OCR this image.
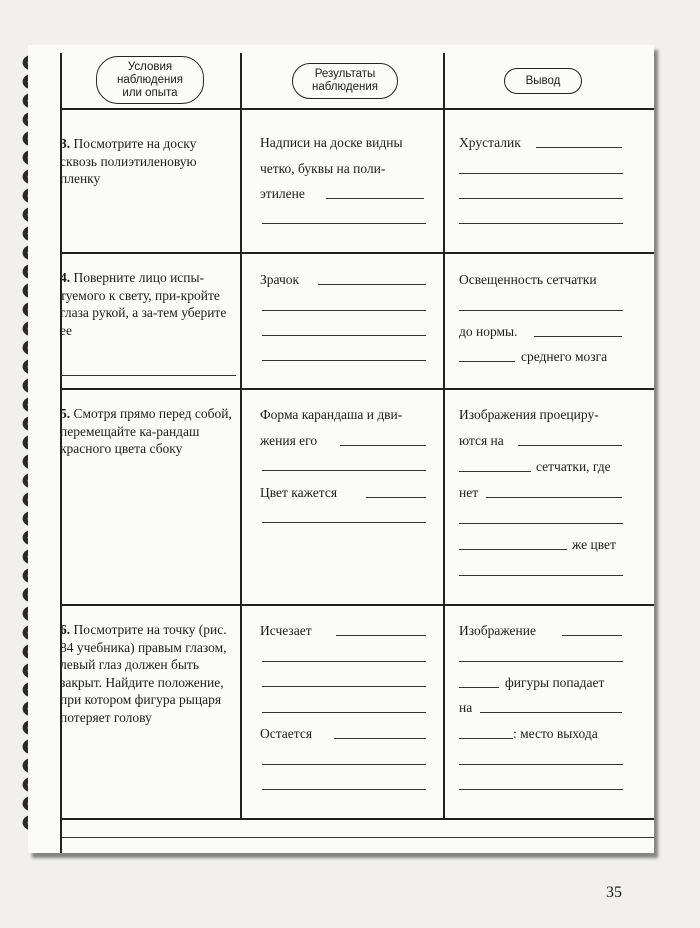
Условия
наблюдения
или опыта
Результаты
наблюдения
Вывод
3. Посмотрите на доску сквозь полиэтиленовую пленку
Надписи на доске видны
четко, буквы на поли-
этилене
Хрусталик
4. Поверните лицо испы-туемого к свету, при-кройте глаза рукой, а за-тем уберите ее
Зрачок	Освещенность сетчатки
до нормы.
среднего мозга
5. Смотря прямо перед собой, перемещайте ка-рандаш красного цвета сбоку
Форма карандаша и дви-
жения его
Цвет кажется
Изображения проециру-
ются на
сетчатки, где
нет
же цвет
6. Посмотрите на точку (рис. 84 учебника) правым глазом, левый глаз должен быть закрыт. Найдите положение, при котором фигура рыцаря потеряет голову
Исчезает
Остается
Изображение
фигуры попадает
на
: место выхода
35
